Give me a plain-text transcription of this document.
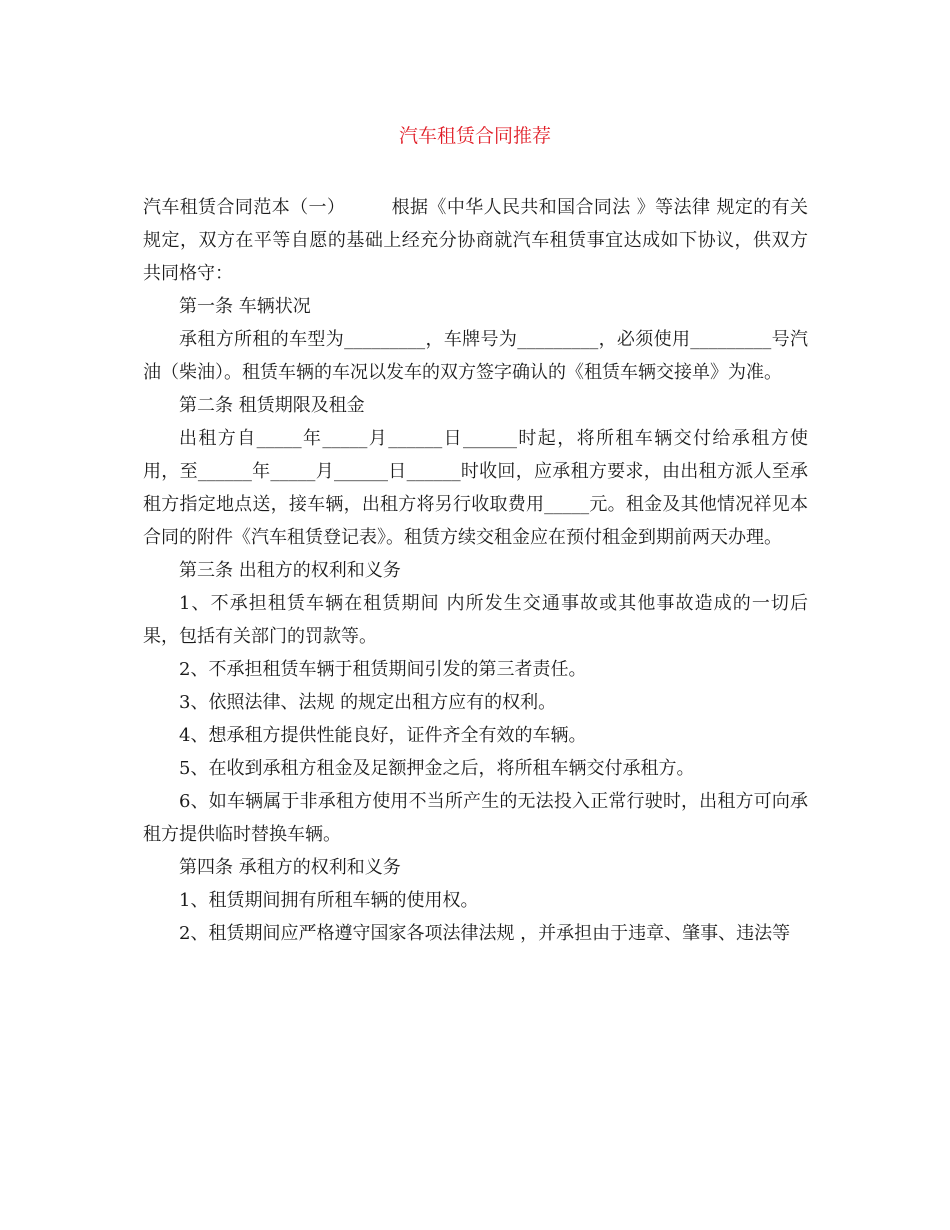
汽车租赁合同推荐

汽车租赁合同范本（一）	根据《中华人民共和国合同法 》等法律 规定的有关规定，双方在平等自愿的基础上经充分协商就汽车租赁事宜达成如下协议，供双方共同格守：

第一条 车辆状况

承租方所租的车型为_________，车牌号为_________，必须使用_________号汽油（柴油）。租赁车辆的车况以发车的双方签字确认的《租赁车辆交接单》为准。

第二条 租赁期限及租金

出租方自_____年_____月______日______时起，将所租车辆交付给承租方使用，至______年_____月______日______时收回，应承租方要求，由出租方派人至承租方指定地点送，接车辆，出租方将另行收取费用_____元。租金及其他情况祥见本合同的附件《汽车租赁登记表》。租赁方续交租金应在预付租金到期前两天办理。

第三条 出租方的权利和义务

1、不承担租赁车辆在租赁期间 内所发生交通事故或其他事故造成的一切后果，包括有关部门的罚款等。

2、不承担租赁车辆于租赁期间引发的第三者责任。

3、依照法律、法规 的规定出租方应有的权利。

4、想承租方提供性能良好，证件齐全有效的车辆。

5、在收到承租方租金及足额押金之后，将所租车辆交付承租方。

6、如车辆属于非承租方使用不当所产生的无法投入正常行驶时，出租方可向承租方提供临时替换车辆。

第四条 承租方的权利和义务

1、租赁期间拥有所租车辆的使用权。

2、租赁期间应严格遵守国家各项法律法规 ，并承担由于违章、肇事、违法等
